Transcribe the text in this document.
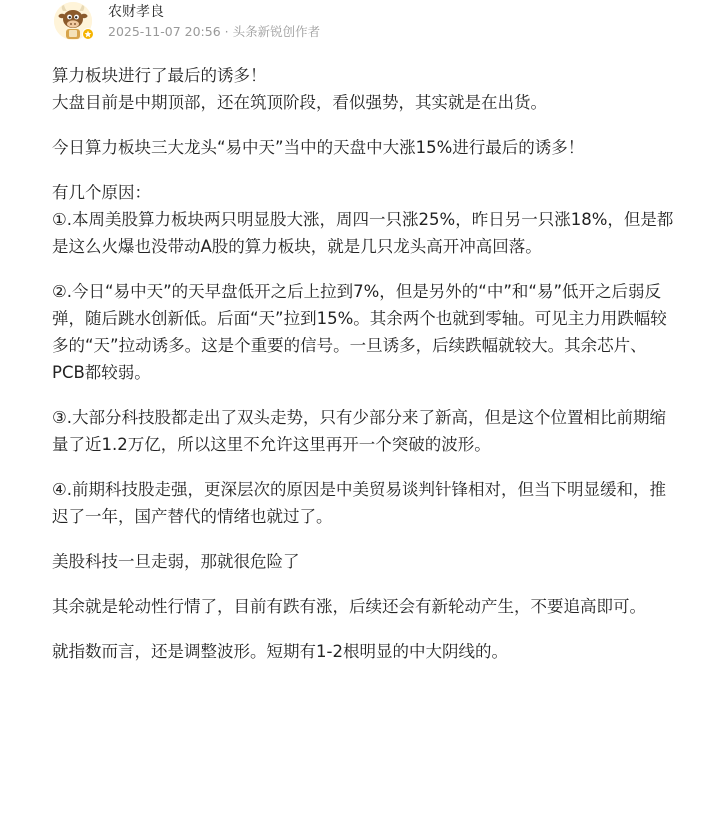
农财孝良
2025-11-07 20:56 · 头条新锐创作者

算力板块进行了最后的诱多！
大盘目前是中期顶部，还在筑顶阶段，看似强势，其实就是在出货。

今日算力板块三大龙头“易中天”当中的天盘中大涨15%进行最后的诱多！

有几个原因：
①.本周美股算力板块两只明显股大涨，周四一只涨25%，昨日另一只涨18%，但是都
是这么火爆也没带动A股的算力板块，就是几只龙头高开冲高回落。

②.今日“易中天”的天早盘低开之后上拉到7%，但是另外的“中”和“易”低开之后弱反
弹，随后跳水创新低。后面“天”拉到15%。其余两个也就到零轴。可见主力用跌幅较
多的“天”拉动诱多。这是个重要的信号。一旦诱多，后续跌幅就较大。其余芯片、
PCB都较弱。

③.大部分科技股都走出了双头走势，只有少部分来了新高，但是这个位置相比前期缩
量了近1.2万亿，所以这里不允许这里再开一个突破的波形。

④.前期科技股走强，更深层次的原因是中美贸易谈判针锋相对，但当下明显缓和，推
迟了一年，国产替代的情绪也就过了。

美股科技一旦走弱，那就很危险了

其余就是轮动性行情了，目前有跌有涨，后续还会有新轮动产生，不要追高即可。

就指数而言，还是调整波形。短期有1-2根明显的中大阴线的。
